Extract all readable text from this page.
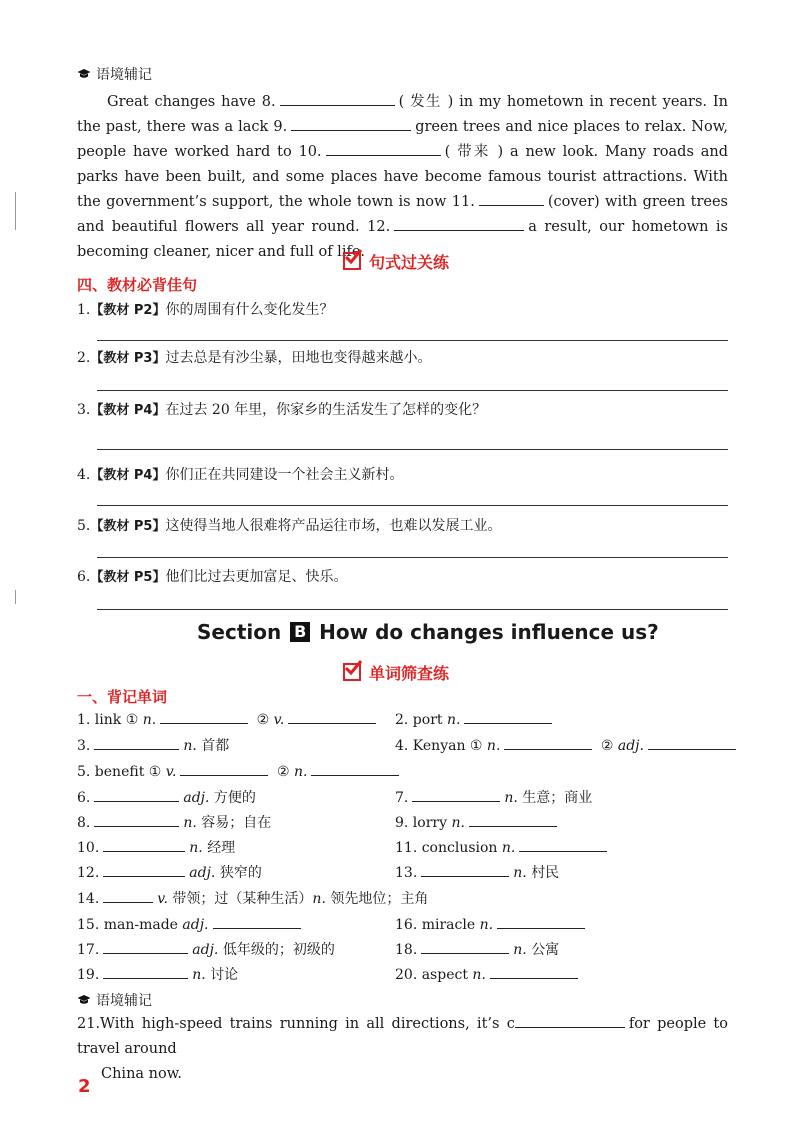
语境辅记
Great changes have 8.	( 发生 ) in my hometown in recent years. In the past, there was a lack 9.	green trees and nice places to relax. Now, people have worked hard to 10.	( 带来 ) a new look. Many roads and parks have been built, and some places have become famous tourist attractions. With the government’s support, the whole town is now 11.	(cover) with green trees and beautiful flowers all year round. 12.	a result, our hometown is becoming cleaner, nicer and full of life.
句式过关练
四、教材必背佳句
1.【教材 P2】你的周围有什么变化发生？
2.【教材 P3】过去总是有沙尘暴，田地也变得越来越小。
3.【教材 P4】在过去 20 年里，你家乡的生活发生了怎样的变化？
4.【教材 P4】你们正在共同建设一个社会主义新村。
5.【教材 P5】这使得当地人很难将产品运往市场，也难以发展工业。
6.【教材 P5】他们比过去更加富足、快乐。
Section B How do changes influence us?
单词筛查练
一、背记单词
1. link ① n.	② v.	2. port n.
3.	n. 首都	4. Kenyan ① n.	② adj.
5. benefit ① v.	② n.
6.	adj. 方便的	7.	n. 生意；商业
8.	n. 容易；自在	9. lorry n.
10.	n. 经理	11. conclusion n.
12.	adj. 狭窄的	13.	n. 村民
14.	v. 带领；过（某种生活）n. 领先地位；主角
15. man-made adj.	16. miracle n.
17.	adj. 低年级的；初级的	18.	n. 公寓
19.	n. 讨论	20. aspect n.
语境辅记
21.With high-speed trains running in all directions, it’s c	for people to travel around
China now.
2
